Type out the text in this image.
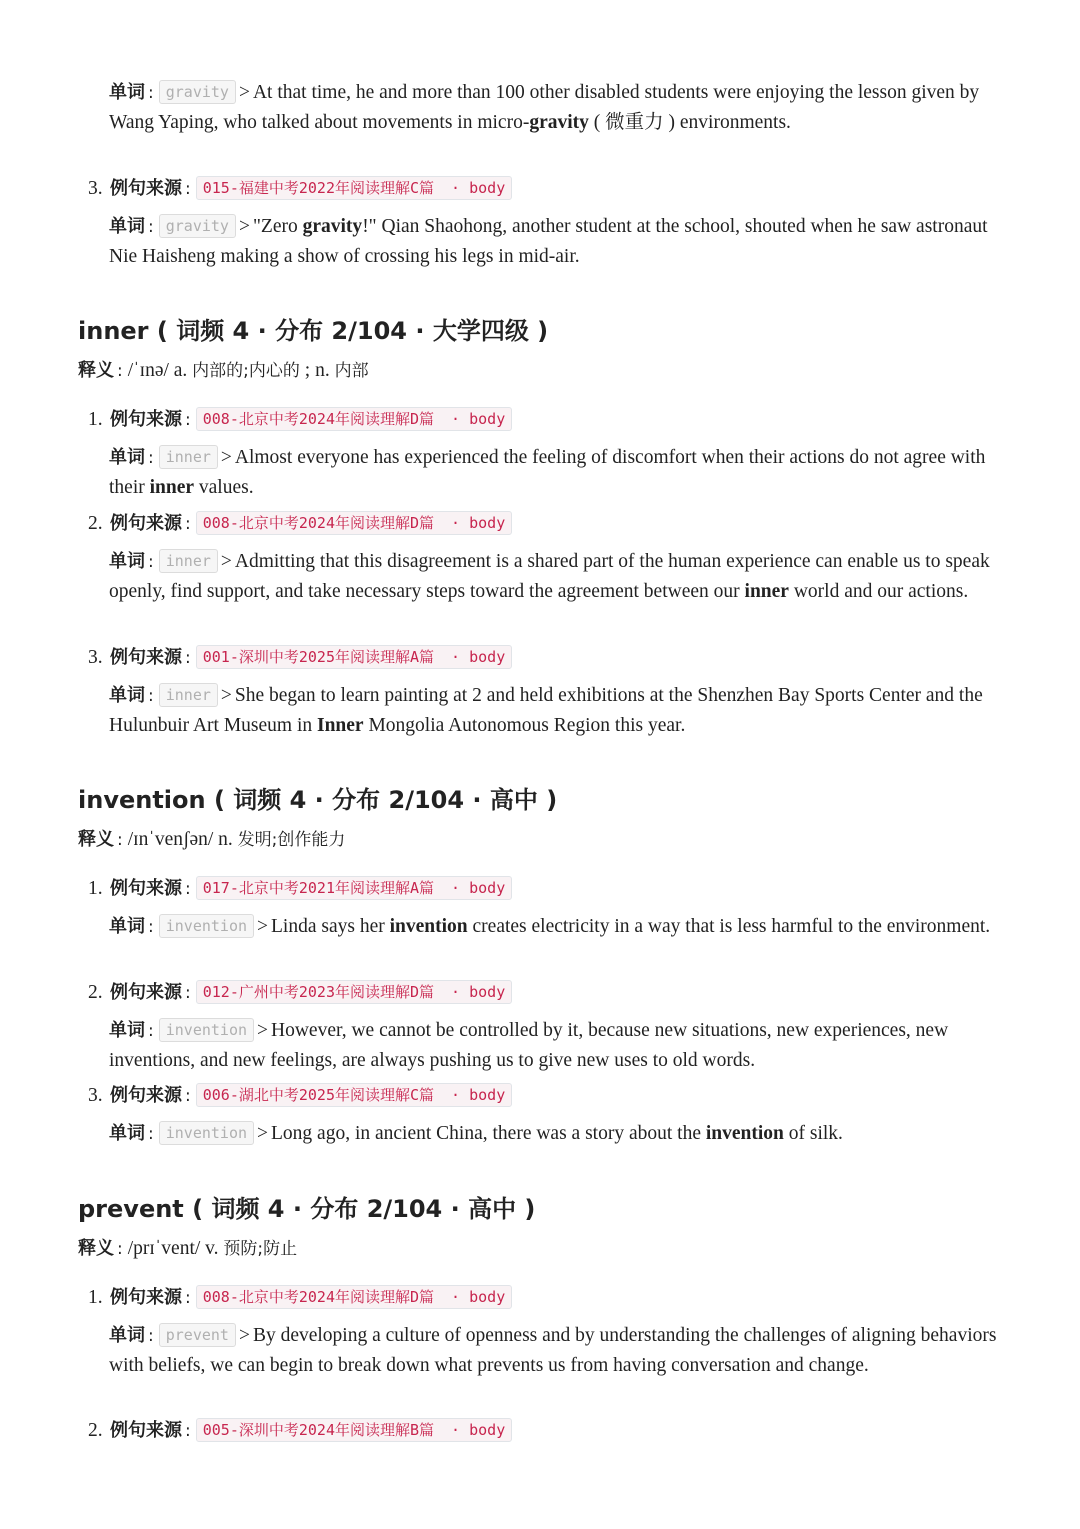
单词 : gravity > At that time, he and more than 100 other disabled students were enjoying the lesson given by Wang Yaping, who talked about movements in micro-gravity ( 微重力 ) environments.
3. 例句来源 : 015-福建中考2022年阅读理解C篇 · body
单词 : gravity > "Zero gravity!" Qian Shaohong, another student at the school, shouted when he saw astronaut Nie Haisheng making a show of crossing his legs in mid-air.
inner ( 词频 4 · 分布 2/104 · 大学四级 )
释义 : /ˈɪnə/ a. 内部的;内心的 ; n. 内部
1. 例句来源 : 008-北京中考2024年阅读理解D篇 · body
单词 : inner > Almost everyone has experienced the feeling of discomfort when their actions do not agree with their inner values.
2. 例句来源 : 008-北京中考2024年阅读理解D篇 · body
单词 : inner > Admitting that this disagreement is a shared part of the human experience can enable us to speak openly, find support, and take necessary steps toward the agreement between our inner world and our actions.
3. 例句来源 : 001-深圳中考2025年阅读理解A篇 · body
单词 : inner > She began to learn painting at 2 and held exhibitions at the Shenzhen Bay Sports Center and the Hulunbuir Art Museum in Inner Mongolia Autonomous Region this year.
invention ( 词频 4 · 分布 2/104 · 高中 )
释义 : /ɪnˈvenʃən/ n. 发明;创作能力
1. 例句来源 : 017-北京中考2021年阅读理解A篇 · body
单词 : invention > Linda says her invention creates electricity in a way that is less harmful to the environment.
2. 例句来源 : 012-广州中考2023年阅读理解D篇 · body
单词 : invention > However, we cannot be controlled by it, because new situations, new experiences, new inventions, and new feelings, are always pushing us to give new uses to old words.
3. 例句来源 : 006-湖北中考2025年阅读理解C篇 · body
单词 : invention > Long ago, in ancient China, there was a story about the invention of silk.
prevent ( 词频 4 · 分布 2/104 · 高中 )
释义 : /prɪˈvent/ v. 预防;防止
1. 例句来源 : 008-北京中考2024年阅读理解D篇 · body
单词 : prevent > By developing a culture of openness and by understanding the challenges of aligning behaviors with beliefs, we can begin to break down what prevents us from having conversation and change.
2. 例句来源 : 005-深圳中考2024年阅读理解B篇 · body
